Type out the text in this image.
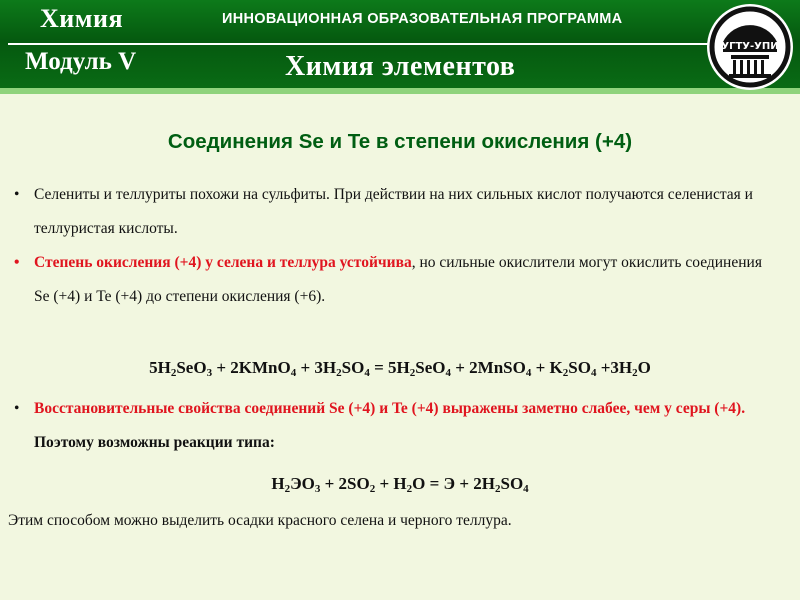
Химия	ИННОВАЦИОННАЯ ОБРАЗОВАТЕЛЬНАЯ ПРОГРАММА
Модуль V	Химия элементов
УГТУ-УПИ
Соединения Se и Te в степени окисления (+4)
• Селениты и теллуриты похожи на сульфиты. При действии на них сильных кислот получаются селенистая и теллуристая кислоты.
• Степень окисления (+4) у селена и теллура устойчива, но сильные окислители могут окислить соединения Se (+4) и Te (+4) до степени окисления (+6).
$5H_2SeO_3$ + 2KMnO$_4$ + $3H_2SO_4 = 5H_2SeO_4$ + 2MnSO$_4$ + $K_2SO_4 +3H_2O$
• Восстановительные свойства соединений Se (+4) и Te (+4) выражены заметно слабее, чем у серы (+4). Поэтому возможны реакции типа:
$H_2ЭO_3 + 2SO_2 + H_2O = Э + 2H_2SO_4$
Этим способом можно выделить осадки красного селена и черного теллура.
